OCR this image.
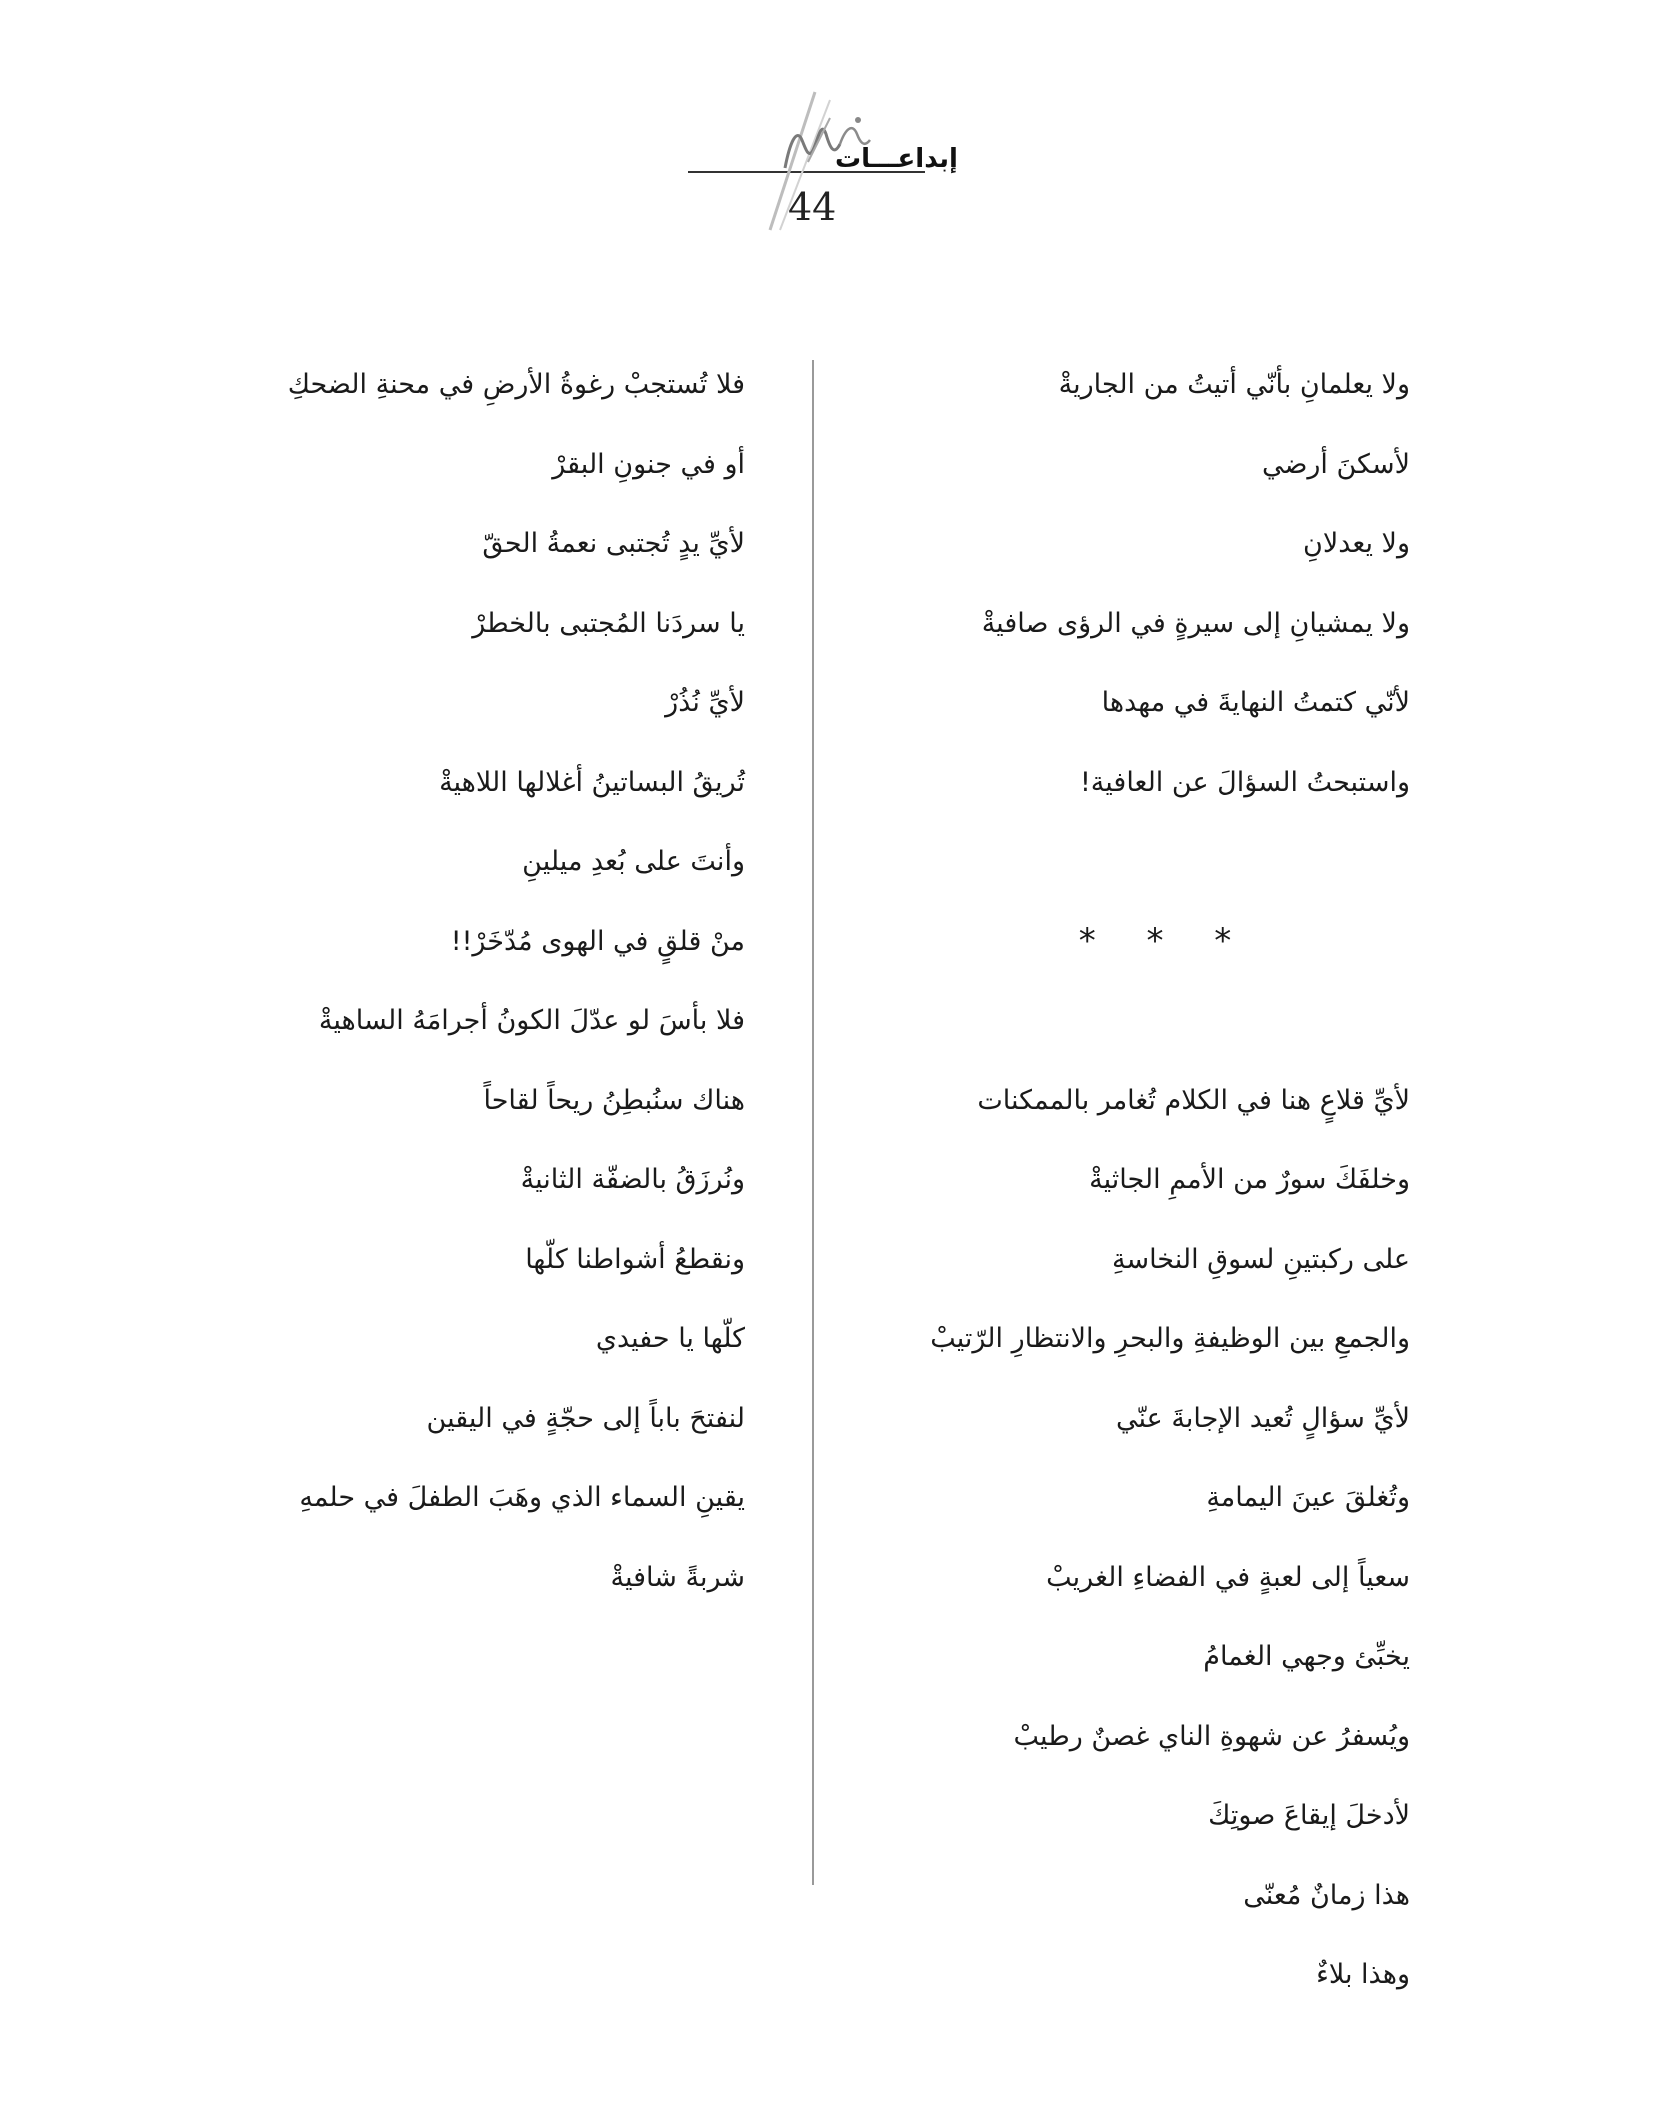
إبداعـــات
44
ولا يعلمانِ بأنّي أتيتُ من الجاريةْ
لأسكنَ أرضي
ولا يعدلانِ
ولا يمشيانِ إلى سيرةٍ في الرؤى صافيةْ
لأنّي كتمتُ النهايةَ في مهدها
واستبحتُ السؤالَ عن العافية!
* * *
لأيِّ قلاعٍ هنا في الكلام تُغامر بالممكنات
وخلفَكَ سورٌ من الأممِ الجاثيةْ
على ركبتينِ لسوقِ النخاسةِ
والجمعِ بين الوظيفةِ والبحرِ والانتظارِ الرّتيبْ
لأيِّ سؤالٍ تُعيد الإجابةَ عنّي
وتُغلقَ عينَ اليمامةِ
سعياً إلى لعبةٍ في الفضاءِ الغريبْ
يخبِّئ وجهي الغمامُ
ويُسفرُ عن شهوةِ الناي غصنٌ رطيبْ
لأدخلَ إيقاعَ صوتِكَ
هذا زمانٌ مُعنّى
وهذا بلاءٌ
فلا تُستجبْ رغوةُ الأرضِ في محنةِ الضحكِ
أو في جنونِ البقرْ
لأيِّ يدٍ تُجتبى نعمةُ الحقّ
يا سردَنا المُجتبى بالخطرْ
لأيِّ نُذُرْ
تُريقُ البساتينُ أغلالها اللاهيةْ
وأنتَ على بُعدِ ميلينِ
منْ قلقٍ في الهوى مُدّخَرْ!!
فلا بأسَ لو عدّلَ الكونُ أجرامَهُ الساهيةْ
هناك سنُبطِنُ ريحاً لقاحاً
ونُرزَقُ بالضفّة الثانيةْ
ونقطعُ أشواطنا كلّها
كلّها يا حفيدي
لنفتحَ باباً إلى حجّةٍ في اليقين
يقينِ السماء الذي وهَبَ الطفلَ في حلمهِ
شربةً شافيةْ
